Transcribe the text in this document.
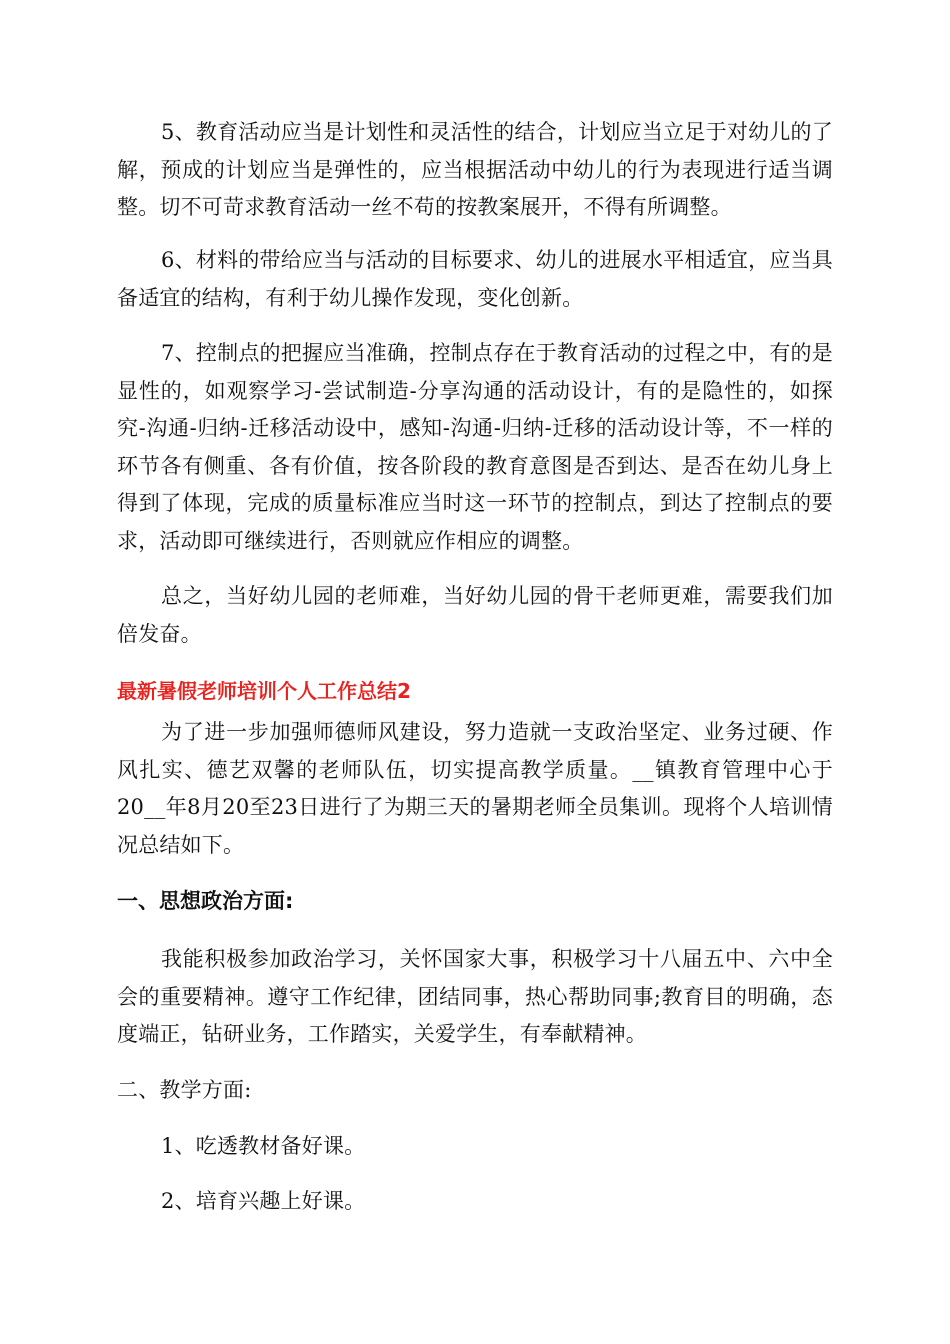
5、教育活动应当是计划性和灵活性的结合，计划应当立足于对幼儿的了解，预成的计划应当是弹性的，应当根据活动中幼儿的行为表现进行适当调整。切不可苛求教育活动一丝不苟的按教案展开，不得有所调整。

6、材料的带给应当与活动的目标要求、幼儿的进展水平相适宜，应当具备适宜的结构，有利于幼儿操作发现，变化创新。

7、控制点的把握应当准确，控制点存在于教育活动的过程之中，有的是显性的，如观察学习-尝试制造-分享沟通的活动设计，有的是隐性的，如探究-沟通-归纳-迁移活动设中，感知-沟通-归纳-迁移的活动设计等，不一样的环节各有侧重、各有价值，按各阶段的教育意图是否到达、是否在幼儿身上得到了体现，完成的质量标准应当时这一环节的控制点，到达了控制点的要求，活动即可继续进行，否则就应作相应的调整。

总之，当好幼儿园的老师难，当好幼儿园的骨干老师更难，需要我们加倍发奋。

最新暑假老师培训个人工作总结2

为了进一步加强师德师风建设，努力造就一支政治坚定、业务过硬、作风扎实、德艺双馨的老师队伍，切实提高教学质量。__镇教育管理中心于20__年8月20至23日进行了为期三天的暑期老师全员集训。现将个人培训情况总结如下。

一、思想政治方面:

我能积极参加政治学习，关怀国家大事，积极学习十八届五中、六中全会的重要精神。遵守工作纪律，团结同事，热心帮助同事;教育目的明确，态度端正，钻研业务，工作踏实，关爱学生，有奉献精神。

二、教学方面:

1、吃透教材备好课。

2、培育兴趣上好课。
